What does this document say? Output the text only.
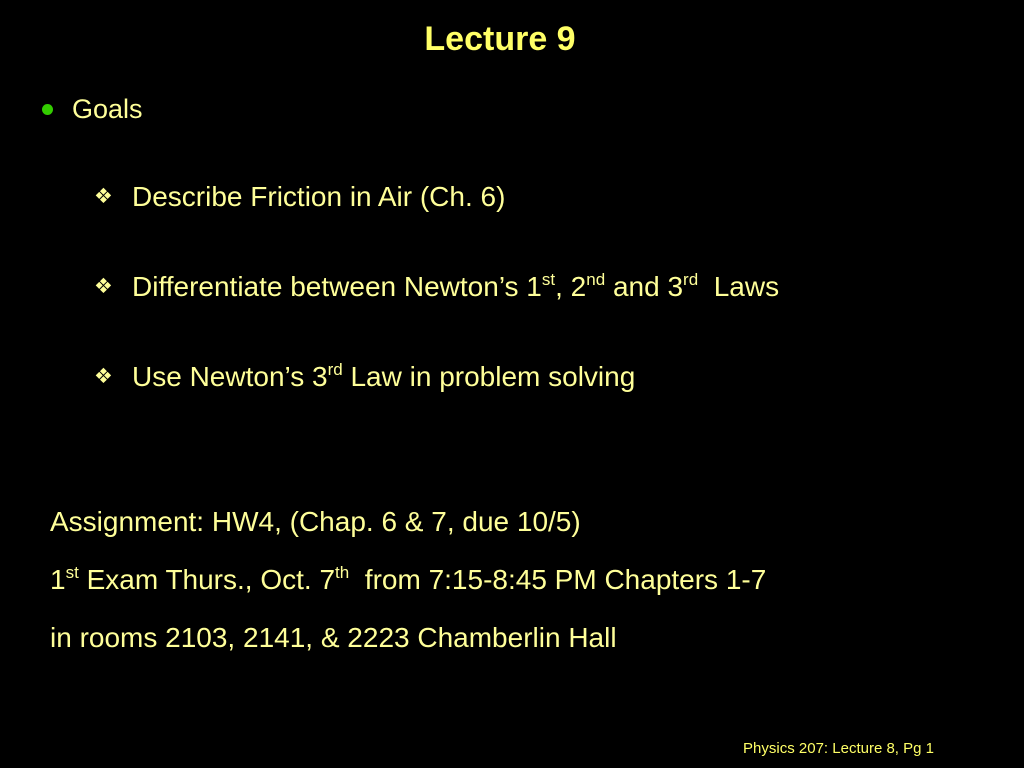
Lecture 9
Goals
❖ Describe Friction in Air (Ch. 6)
❖ Differentiate between Newton’s 1st, 2nd and 3rd  Laws
❖ Use Newton’s 3rd Law in problem solving
Assignment: HW4, (Chap. 6 & 7, due 10/5)
1st Exam Thurs., Oct. 7th  from 7:15-8:45 PM Chapters 1-7
in rooms 2103, 2141, & 2223 Chamberlin Hall
Physics 207: Lecture 8, Pg 1
